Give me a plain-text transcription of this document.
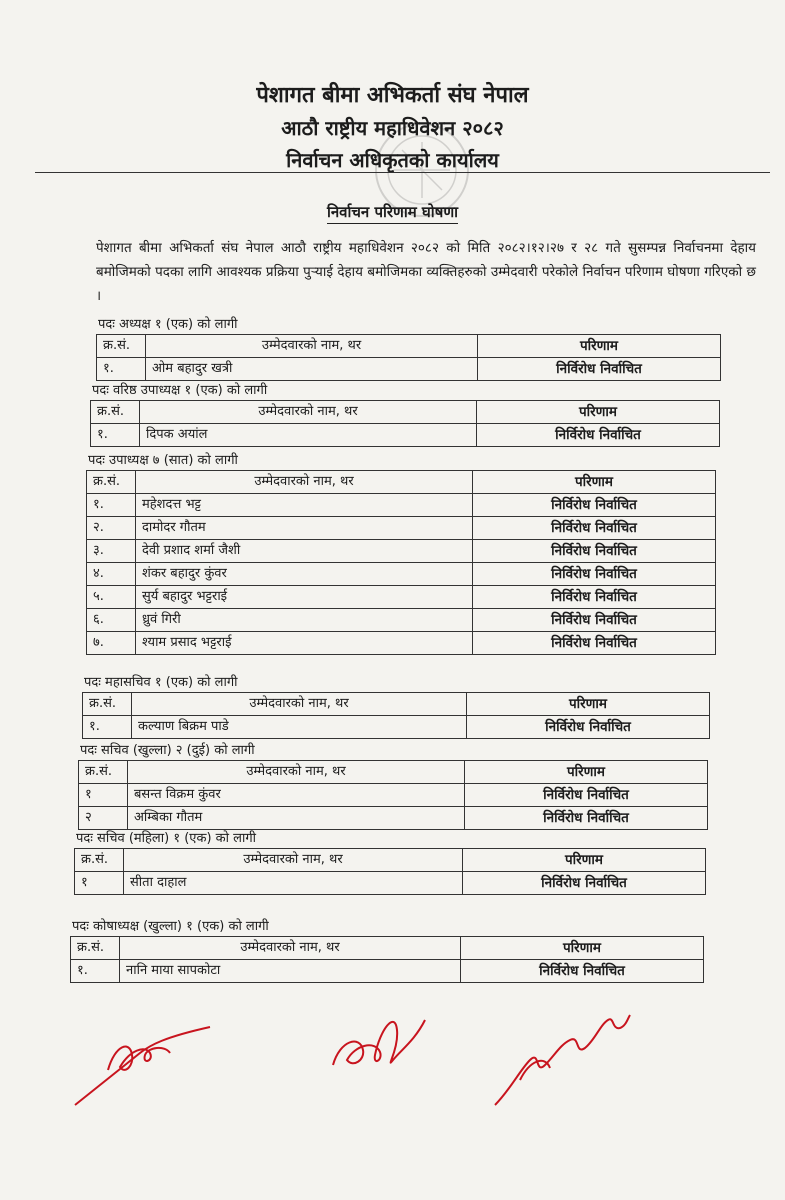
पेशागत बीमा अभिकर्ता संघ नेपाल
आठौ राष्ट्रीय महाधिवेशन २०८२
निर्वाचन अधिकृतको कार्यालय
निर्वाचन परिणाम घोषणा
पेशागत बीमा अभिकर्ता संघ नेपाल आठौ राष्ट्रीय महाधिवेशन २०८२ को मिति २०८२।१२।२७ र २८ गते सुसम्पन्न निर्वाचनमा देहाय बमोजिमको पदका लागि आवश्यक प्रक्रिया पुऱ्याई देहाय बमोजिमका व्यक्तिहरुको उम्मेदवारी परेकोले निर्वाचन परिणाम घोषणा गरिएको छ ।
पदः अध्यक्ष १ (एक) को लागी
क्र.सं.	उम्मेदवारको नाम, थर	परिणाम
१.	ओम बहादुर खत्री	निर्विरोध निर्वाचित
पदः वरिष्ठ उपाध्यक्ष १ (एक) को लागी
क्र.सं.	उम्मेदवारको नाम, थर	परिणाम
१.	दिपक अयांल	निर्विरोध निर्वाचित
पदः उपाध्यक्ष ७ (सात) को लागी
क्र.सं.	उम्मेदवारको नाम, थर	परिणाम
१.	महेशदत्त भट्ट	निर्विरोध निर्वाचित
२.	दामोदर गौतम	निर्विरोध निर्वाचित
३.	देवी प्रशाद शर्मा जैशी	निर्विरोध निर्वाचित
४.	शंकर बहादुर कुंवर	निर्विरोध निर्वाचित
५.	सुर्य बहादुर भट्टराई	निर्विरोध निर्वाचित
६.	ध्रुवं गिरी	निर्विरोध निर्वाचित
७.	श्याम प्रसाद भट्टराई	निर्विरोध निर्वाचित
पदः महासचिव १ (एक) को लागी
क्र.सं.	उम्मेदवारको नाम, थर	परिणाम
१.	कल्याण बिक्रम पाडे	निर्विरोध निर्वाचित
पदः सचिव (खुल्ला) २ (दुई) को लागी
क्र.सं.	उम्मेदवारको नाम, थर	परिणाम
१	बसन्त विक्रम कुंवर	निर्विरोध निर्वाचित
२	अम्बिका गौतम	निर्विरोध निर्वाचित
पदः सचिव (महिला) १ (एक) को लागी
क्र.सं.	उम्मेदवारको नाम, थर	परिणाम
१	सीता दाहाल	निर्विरोध निर्वाचित
पदः कोषाध्यक्ष (खुल्ला) १ (एक) को लागी
क्र.सं.	उम्मेदवारको नाम, थर	परिणाम
१.	नानि माया सापकोटा	निर्विरोध निर्वाचित
